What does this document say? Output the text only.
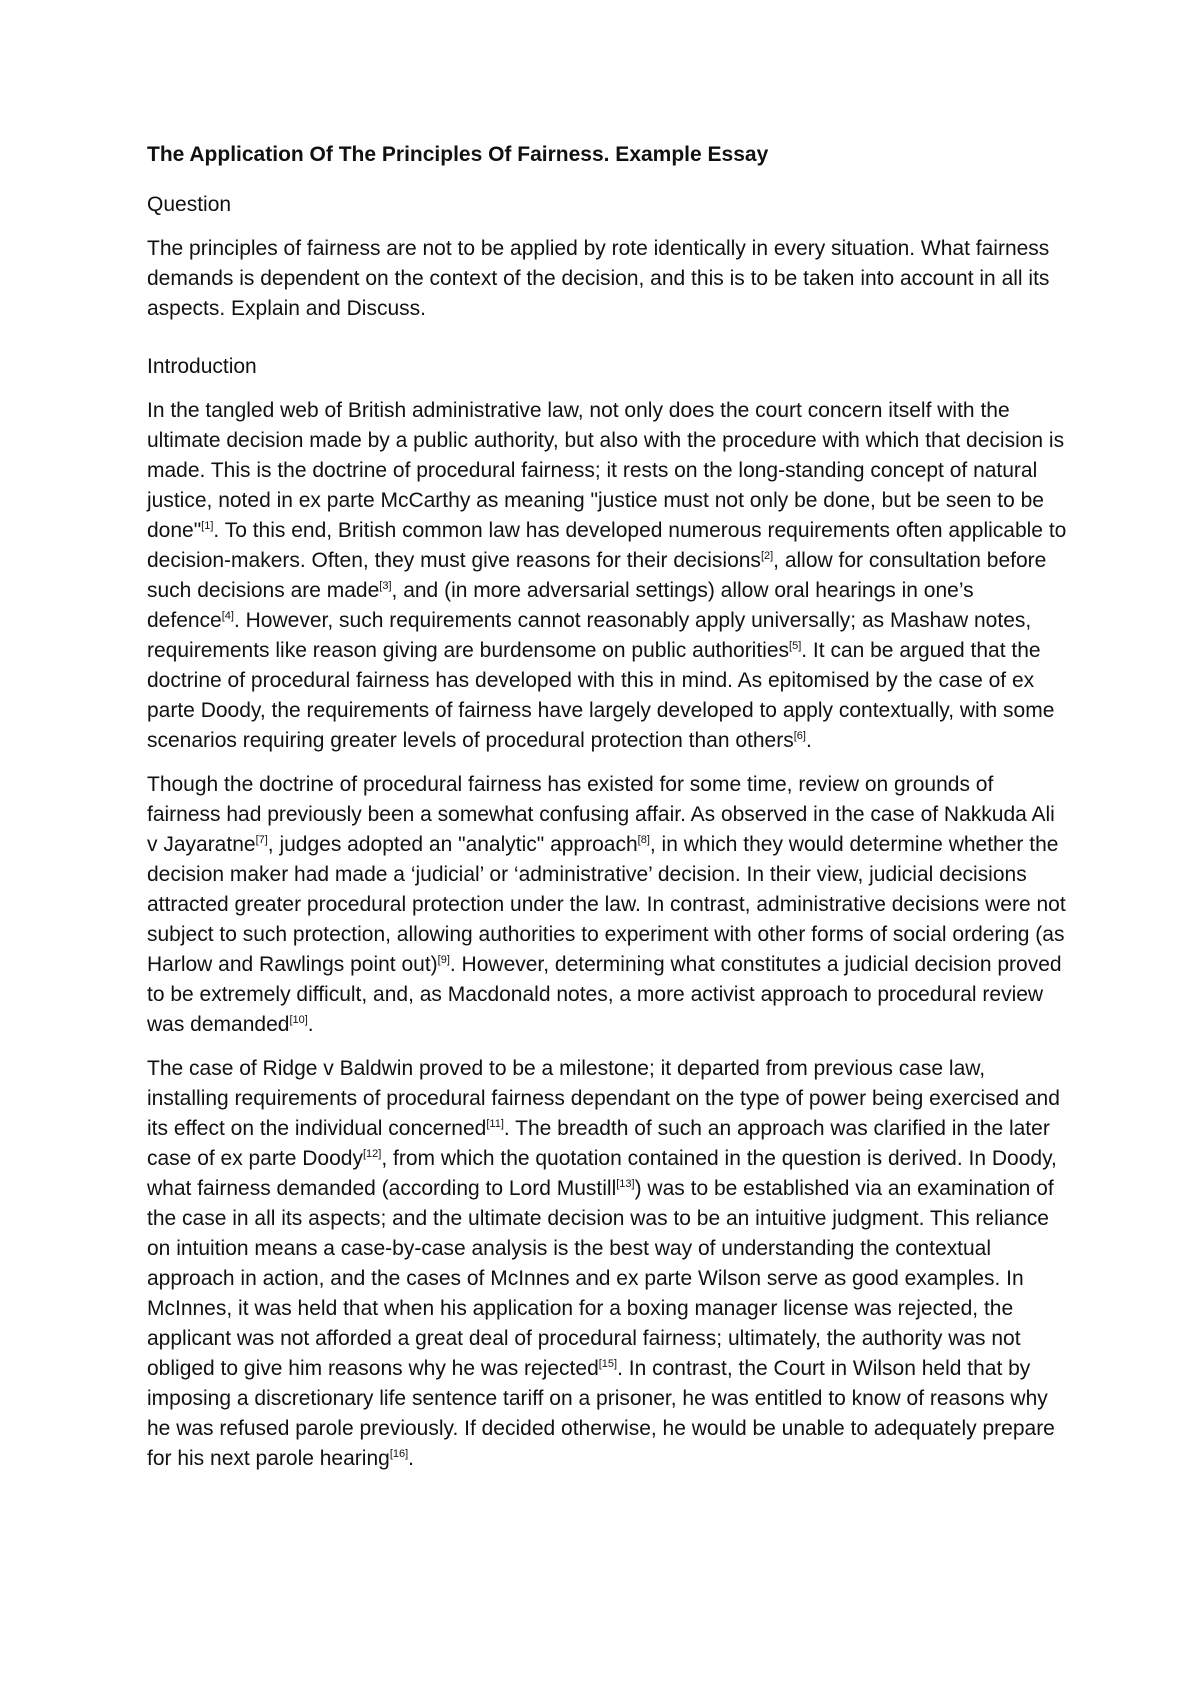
The Application Of The Principles Of Fairness. Example Essay
Question

The principles of fairness are not to be applied by rote identically in every situation. What fairness demands is dependent on the context of the decision, and this is to be taken into account in all its aspects. Explain and Discuss.

Introduction

In the tangled web of British administrative law, not only does the court concern itself with the ultimate decision made by a public authority, but also with the procedure with which that decision is made. This is the doctrine of procedural fairness; it rests on the long-standing concept of natural justice, noted in ex parte McCarthy as meaning "justice must not only be done, but be seen to be done"[1]. To this end, British common law has developed numerous requirements often applicable to decision-makers. Often, they must give reasons for their decisions[2], allow for consultation before such decisions are made[3], and (in more adversarial settings) allow oral hearings in one’s defence[4]. However, such requirements cannot reasonably apply universally; as Mashaw notes, requirements like reason giving are burdensome on public authorities[5]. It can be argued that the doctrine of procedural fairness has developed with this in mind. As epitomised by the case of ex parte Doody, the requirements of fairness have largely developed to apply contextually, with some scenarios requiring greater levels of procedural protection than others[6].

Though the doctrine of procedural fairness has existed for some time, review on grounds of fairness had previously been a somewhat confusing affair. As observed in the case of Nakkuda Ali v Jayaratne[7], judges adopted an "analytic" approach[8], in which they would determine whether the decision maker had made a ‘judicial’ or ‘administrative’ decision. In their view, judicial decisions attracted greater procedural protection under the law. In contrast, administrative decisions were not subject to such protection, allowing authorities to experiment with other forms of social ordering (as Harlow and Rawlings point out)[9]. However, determining what constitutes a judicial decision proved to be extremely difficult, and, as Macdonald notes, a more activist approach to procedural review was demanded[10].

The case of Ridge v Baldwin proved to be a milestone; it departed from previous case law, installing requirements of procedural fairness dependant on the type of power being exercised and its effect on the individual concerned[11]. The breadth of such an approach was clarified in the later case of ex parte Doody[12], from which the quotation contained in the question is derived. In Doody, what fairness demanded (according to Lord Mustill[13]) was to be established via an examination of the case in all its aspects; and the ultimate decision was to be an intuitive judgment. This reliance on intuition means a case-by-case analysis is the best way of understanding the contextual approach in action, and the cases of McInnes and ex parte Wilson serve as good examples. In McInnes, it was held that when his application for a boxing manager license was rejected, the applicant was not afforded a great deal of procedural fairness; ultimately, the authority was not obliged to give him reasons why he was rejected[15]. In contrast, the Court in Wilson held that by imposing a discretionary life sentence tariff on a prisoner, he was entitled to know of reasons why he was refused parole previously. If decided otherwise, he would be unable to adequately prepare for his next parole hearing[16].
